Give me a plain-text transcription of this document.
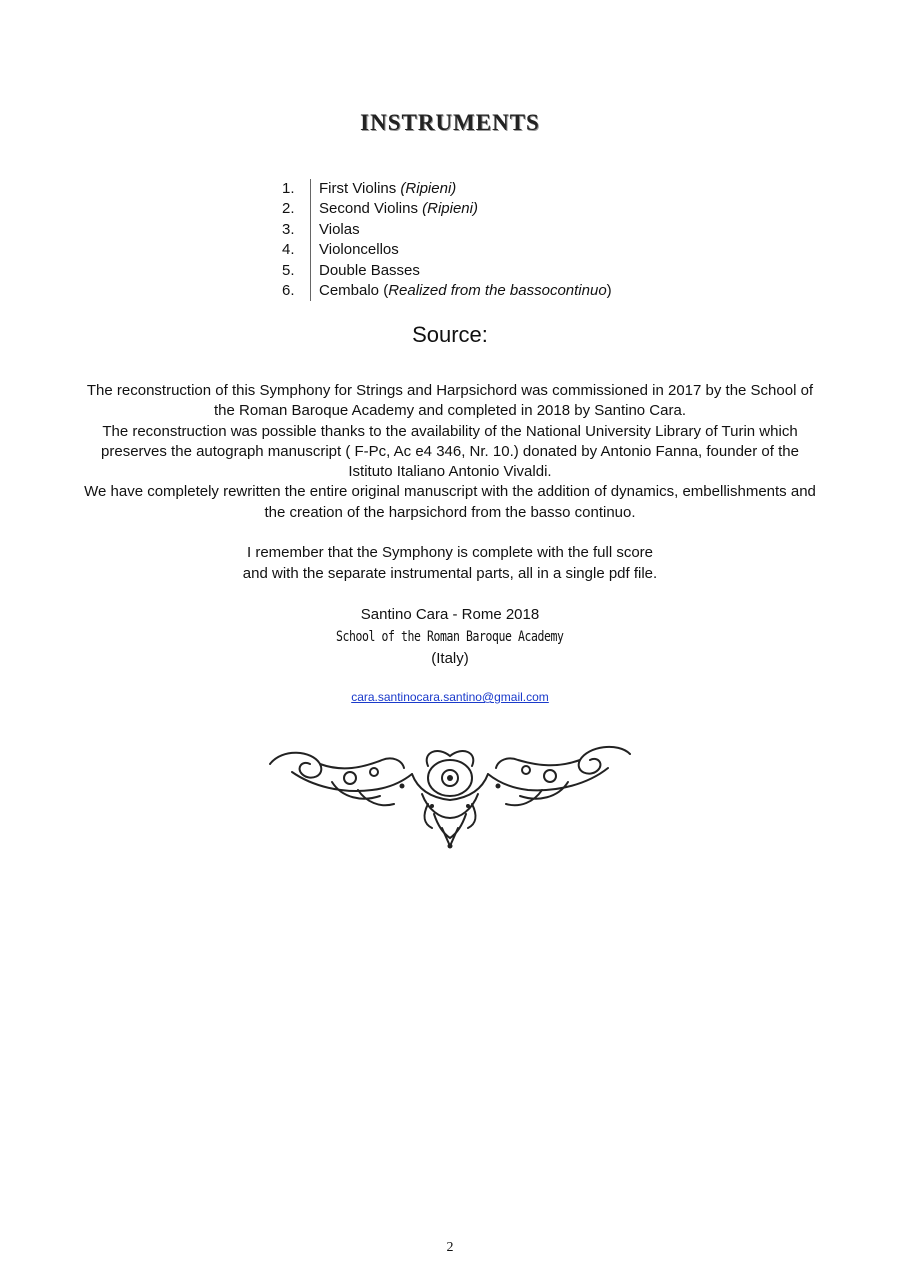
INSTRUMENTS
1.	First Violins (Ripieni)
2.	Second Violins (Ripieni)
3.	Violas
4.	Violoncellos
5.	Double Basses
6.	Cembalo (Realized from the bassocontinuo)
Source:

The reconstruction of this Symphony for Strings and Harpsichord was commissioned in 2017 by the School of the Roman Baroque Academy and completed in 2018 by Santino Cara.

The reconstruction was possible thanks to the availability of the National University Library of Turin which preserves the autograph manuscript ( F-Pc, Ac e4 346, Nr. 10.) donated by Antonio Fanna, founder of the Istituto Italiano Antonio Vivaldi.

We have completely rewritten the entire original manuscript with the addition of dynamics, embellishments and the creation of the harpsichord from the basso continuo.

I remember that the Symphony is complete with the full score

and with the separate instrumental parts, all in a single pdf file.

Santino Cara - Rome 2018
School of the Roman Baroque Academy
(Italy)
cara.santinocara.santino@gmail.com
2
